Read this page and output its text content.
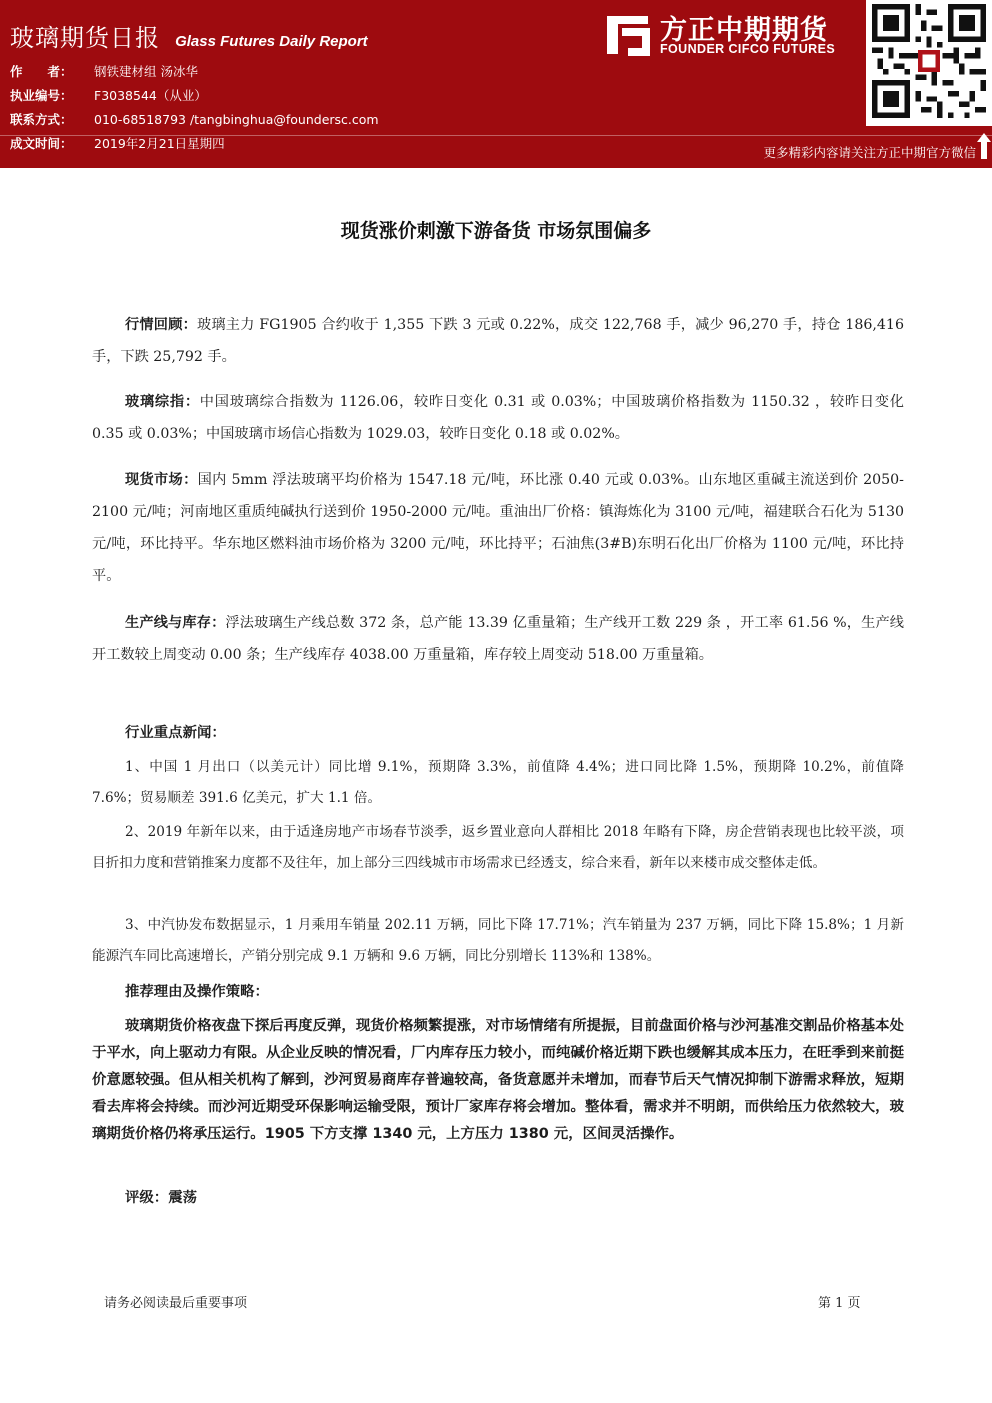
玻璃期货日报 Glass Futures Daily Report
作　　者： 钢铁建材组 汤冰华
执业编号： F3038544（从业）
联系方式： 010-68518793 /tangbinghua@foundersc.com
成文时间： 2019年2月21日星期四
方正中期期货
FOUNDER CIFCO FUTURES
更多精彩内容请关注方正中期官方微信
现货涨价刺激下游备货 市场氛围偏多

行情回顾：玻璃主力 FG1905 合约收于 1,355 下跌 3 元或 0.22%，成交 122,768 手，减少 96,270 手，持仓 186,416 手，下跌 25,792 手。

玻璃综指：中国玻璃综合指数为 1126.06，较昨日变化 0.31 或 0.03%；中国玻璃价格指数为 1150.32 ，较昨日变化 0.35 或 0.03%；中国玻璃市场信心指数为 1029.03，较昨日变化 0.18 或 0.02%。

现货市场：国内 5mm 浮法玻璃平均价格为 1547.18 元/吨，环比涨 0.40 元或 0.03%。山东地区重碱主流送到价 2050-2100 元/吨；河南地区重质纯碱执行送到价 1950-2000 元/吨。重油出厂价格：镇海炼化为 3100 元/吨，福建联合石化为 5130 元/吨，环比持平。华东地区燃料油市场价格为 3200 元/吨，环比持平；石油焦(3#B)东明石化出厂价格为 1100 元/吨，环比持平。

生产线与库存：浮法玻璃生产线总数 372 条，总产能 13.39 亿重量箱；生产线开工数 229 条 ，开工率 61.56 %，生产线开工数较上周变动 0.00 条；生产线库存 4038.00 万重量箱，库存较上周变动 518.00 万重量箱。

行业重点新闻：

1、中国 1 月出口（以美元计）同比增 9.1%，预期降 3.3%，前值降 4.4%；进口同比降 1.5%，预期降 10.2%，前值降 7.6%；贸易顺差 391.6 亿美元，扩大 1.1 倍。

2、2019 年新年以来，由于适逢房地产市场春节淡季，返乡置业意向人群相比 2018 年略有下降，房企营销表现也比较平淡，项目折扣力度和营销推案力度都不及往年，加上部分三四线城市市场需求已经透支，综合来看，新年以来楼市成交整体走低。

3、中汽协发布数据显示，1 月乘用车销量 202.11 万辆，同比下降 17.71%；汽车销量为 237 万辆，同比下降 15.8%；1 月新能源汽车同比高速增长，产销分别完成 9.1 万辆和 9.6 万辆，同比分别增长 113%和 138%。

推荐理由及操作策略：

玻璃期货价格夜盘下探后再度反弹，现货价格频繁提涨，对市场情绪有所提振，目前盘面价格与沙河基准交割品价格基本处于平水，向上驱动力有限。从企业反映的情况看，厂内库存压力较小，而纯碱价格近期下跌也缓解其成本压力，在旺季到来前挺价意愿较强。但从相关机构了解到，沙河贸易商库存普遍较高，备货意愿并未增加，而春节后天气情况抑制下游需求释放，短期看去库将会持续。而沙河近期受环保影响运输受限，预计厂家库存将会增加。整体看，需求并不明朗，而供给压力依然较大，玻璃期货价格仍将承压运行。1905 下方支撑 1340 元，上方压力 1380 元，区间灵活操作。

评级：震荡
请务必阅读最后重要事项	第 1 页
